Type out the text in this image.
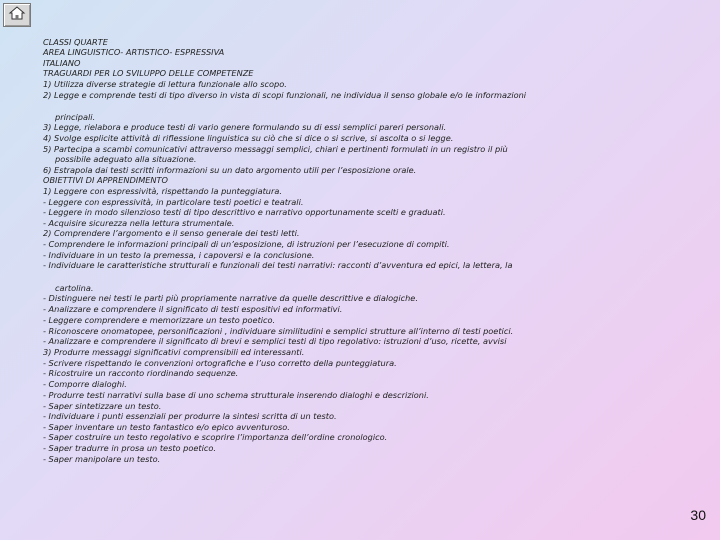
CLASSI QUARTE
AREA LINGUISTICO- ARTISTICO- ESPRESSIVA
ITALIANO
TRAGUARDI PER LO SVILUPPO DELLE COMPETENZE
1) Utilizza diverse strategie di lettura funzionale allo scopo.
2) Legge e comprende testi di tipo diverso in vista di scopi funzionali, ne individua il senso globale e/o le informazioni
principali.
3) Legge, rielabora e produce testi di vario genere formulando su di essi semplici pareri personali.
4) Svolge esplicite attività di riflessione linguistica su ciò che si dice o si scrive, si ascolta o si legge.
5) Partecipa a scambi comunicativi attraverso messaggi semplici, chiari e pertinenti formulati in un registro il più
possibile adeguato alla situazione.
6) Estrapola dai testi scritti informazioni su un dato argomento utili per l’esposizione orale.
OBIETTIVI DI APPRENDIMENTO
1) Leggere con espressività, rispettando la punteggiatura.
- Leggere con espressività, in particolare testi poetici e teatrali.
- Leggere in modo silenzioso testi di tipo descrittivo e narrativo opportunamente scelti e graduati.
- Acquisire sicurezza nella lettura strumentale.
2) Comprendere l’argomento e il senso generale dei testi letti.
- Comprendere le informazioni principali di un’esposizione, di istruzioni per l’esecuzione di compiti.
- Individuare in un testo la premessa, i capoversi e la conclusione.
- Individuare le caratteristiche strutturali e funzionali dei testi narrativi: racconti d’avventura ed epici, la lettera, la
cartolina.
- Distinguere nei testi le parti più propriamente narrative da quelle descrittive e dialogiche.
- Analizzare e comprendere il significato di testi espositivi ed informativi.
- Leggere comprendere e memorizzare un testo poetico.
- Riconoscere onomatopee, personificazioni , individuare similitudini e semplici strutture all’interno di testi poetici.
- Analizzare e comprendere il significato di brevi e semplici testi di tipo regolativo: istruzioni d’uso, ricette, avvisi
3) Produrre messaggi significativi comprensibili ed interessanti.
- Scrivere rispettando le convenzioni ortografiche e l’uso corretto della punteggiatura.
- Ricostruire un racconto riordinando sequenze.
- Comporre dialoghi.
- Produrre testi narrativi sulla base di uno schema strutturale inserendo dialoghi e descrizioni.
- Saper sintetizzare un testo.
- Individuare i punti essenziali per produrre la sintesi scritta di un testo.
- Saper inventare un testo fantastico e/o epico avventuroso.
- Saper costruire un testo regolativo e scoprire l’importanza dell’ordine cronologico.
- Saper tradurre in prosa un testo poetico.
- Saper manipolare un testo.
30
